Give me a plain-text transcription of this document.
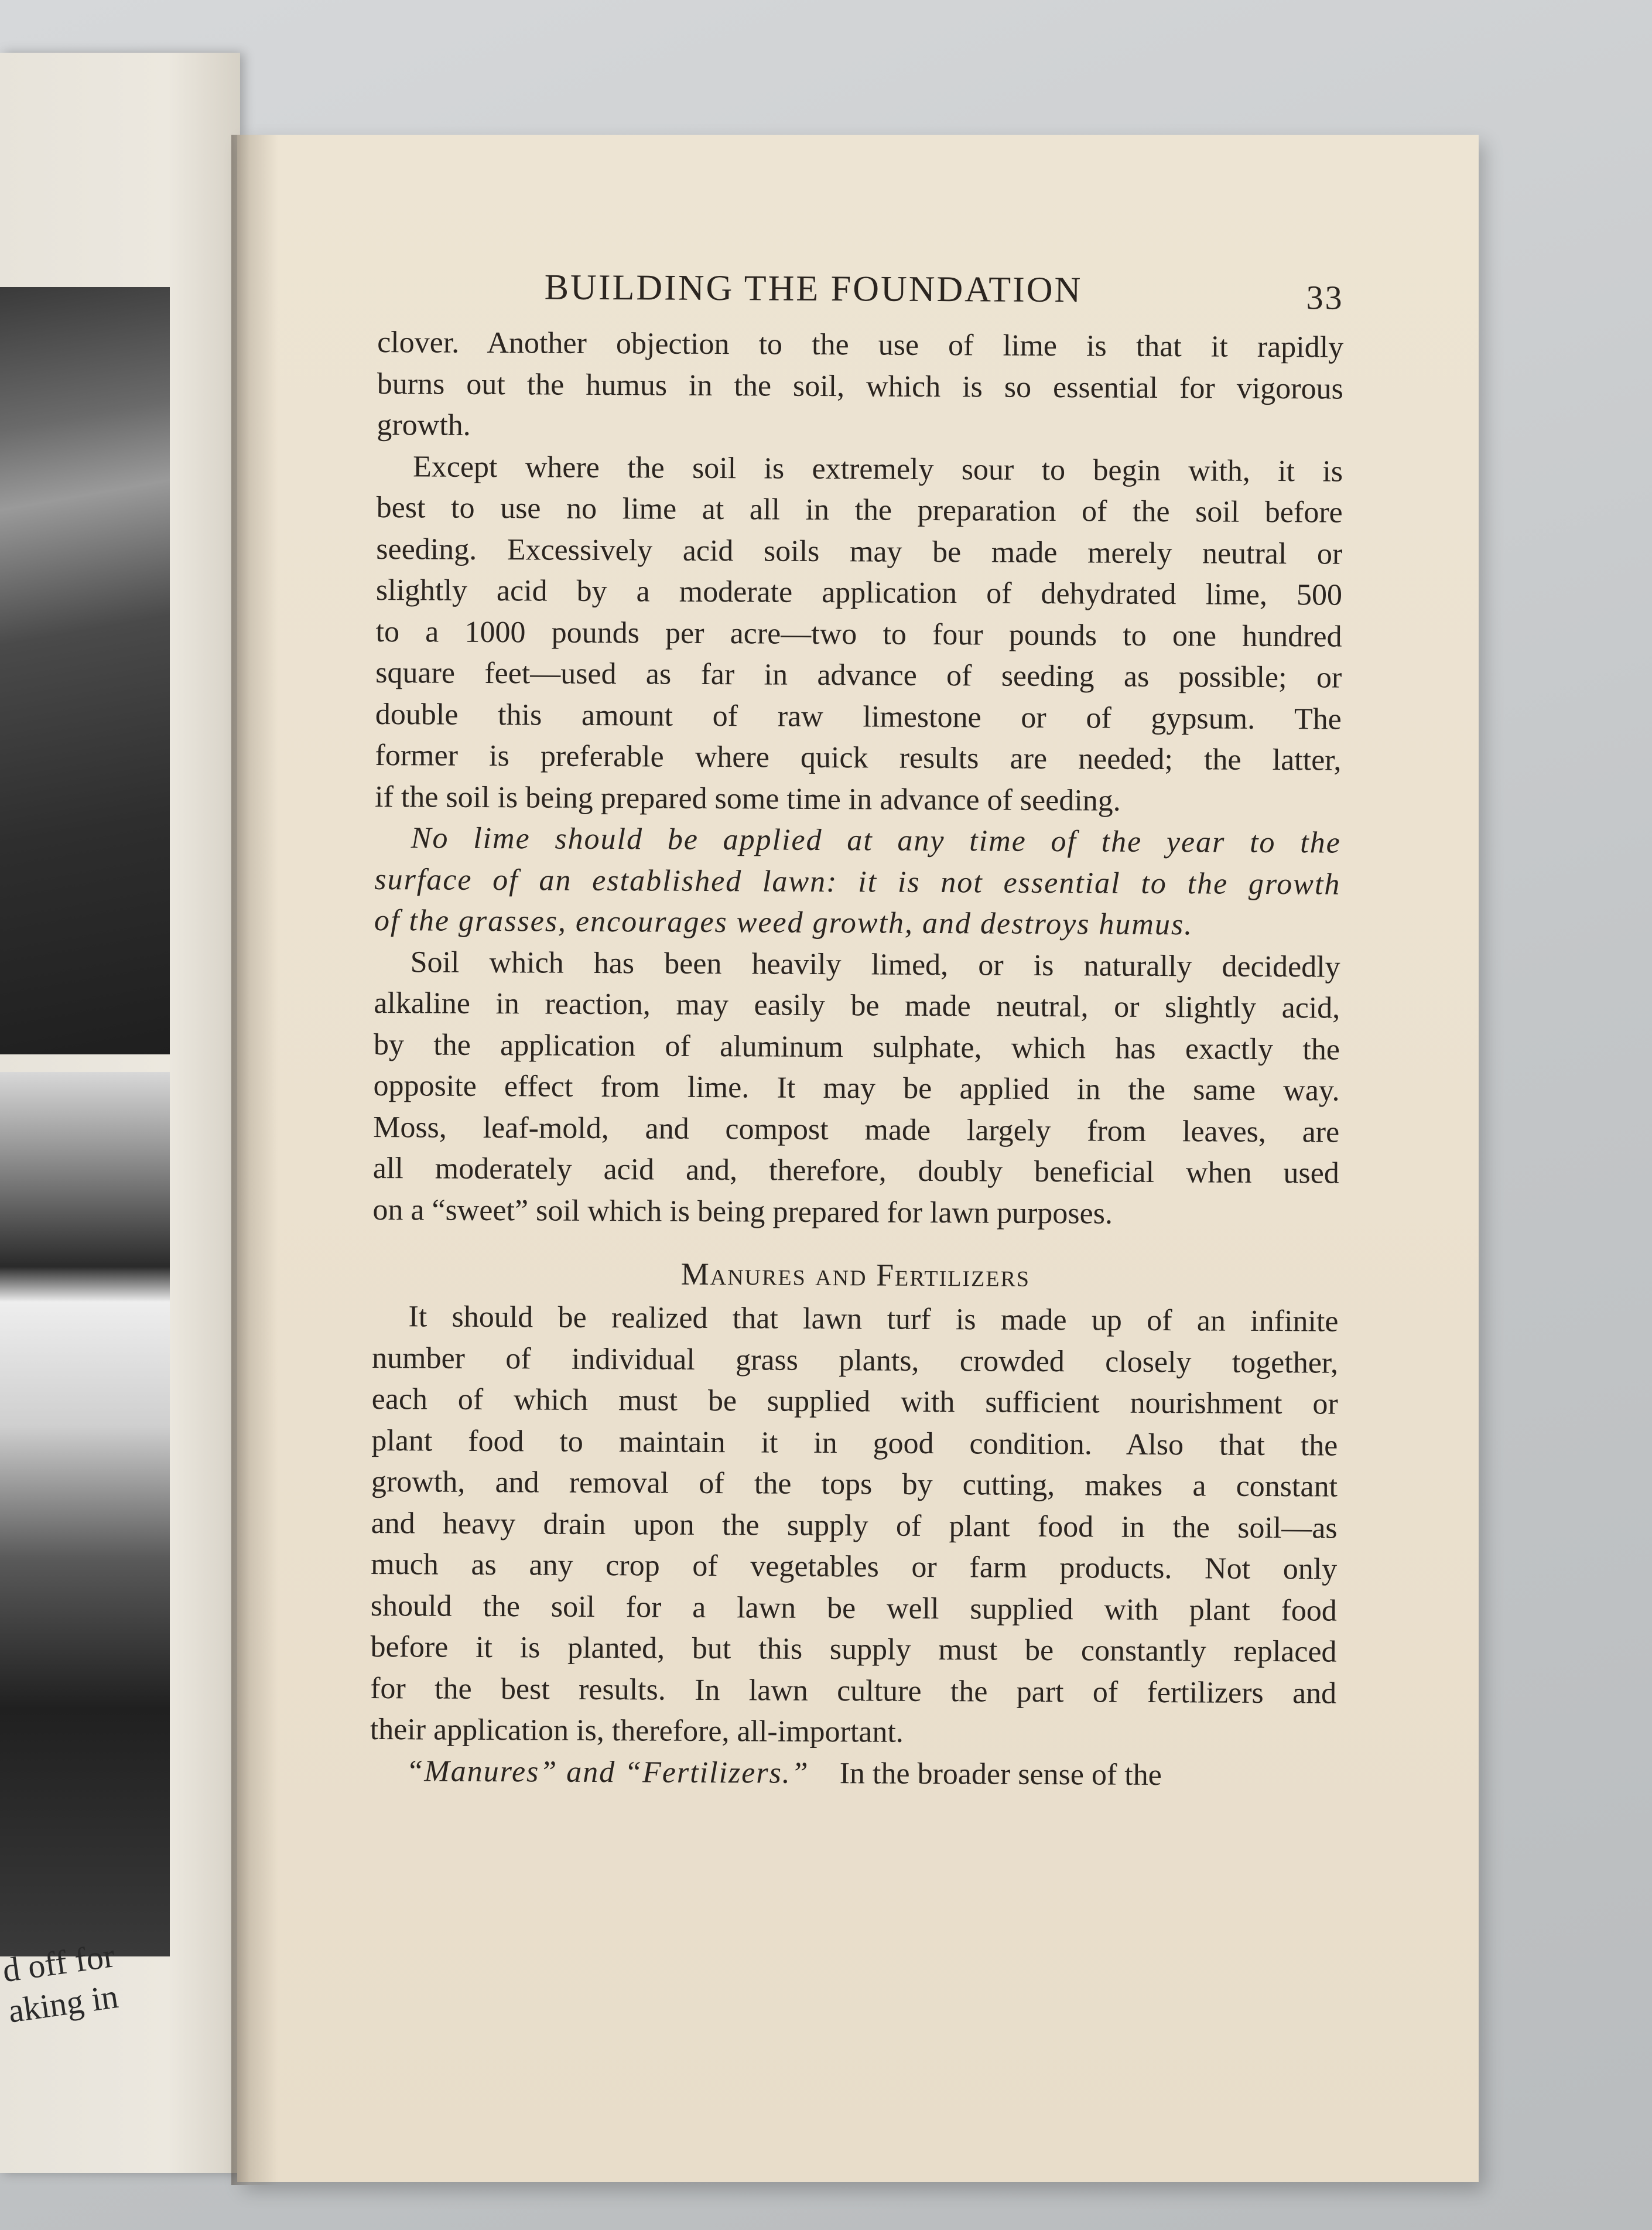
d off for
aking in
BUILDING THE FOUNDATION	33
clover. Another objection to the use of lime is that it rapidly
burns out the humus in the soil, which is so essential for vigorous
growth.
Except where the soil is extremely sour to begin with, it is
best to use no lime at all in the preparation of the soil before
seeding. Excessively acid soils may be made merely neutral or
slightly acid by a moderate application of dehydrated lime, 500
to a 1000 pounds per acre—two to four pounds to one hundred
square feet—used as far in advance of seeding as possible; or
double this amount of raw limestone or of gypsum. The
former is preferable where quick results are needed; the latter,
if the soil is being prepared some time in advance of seeding.
No lime should be applied at any time of the year to the
surface of an established lawn: it is not essential to the growth
of the grasses, encourages weed growth, and destroys humus.
Soil which has been heavily limed, or is naturally decidedly
alkaline in reaction, may easily be made neutral, or slightly acid,
by the application of aluminum sulphate, which has exactly the
opposite effect from lime. It may be applied in the same way.
Moss, leaf-mold, and compost made largely from leaves, are
all moderately acid and, therefore, doubly beneficial when used
on a “sweet” soil which is being prepared for lawn purposes.
Manures and Fertilizers
It should be realized that lawn turf is made up of an infinite
number of individual grass plants, crowded closely together,
each of which must be supplied with sufficient nourishment or
plant food to maintain it in good condition. Also that the
growth, and removal of the tops by cutting, makes a constant
and heavy drain upon the supply of plant food in the soil—as
much as any crop of vegetables or farm products. Not only
should the soil for a lawn be well supplied with plant food
before it is planted, but this supply must be constantly replaced
for the best results. In lawn culture the part of fertilizers and
their application is, therefore, all-important.
“Manures” and “Fertilizers.”  In the broader sense of the
